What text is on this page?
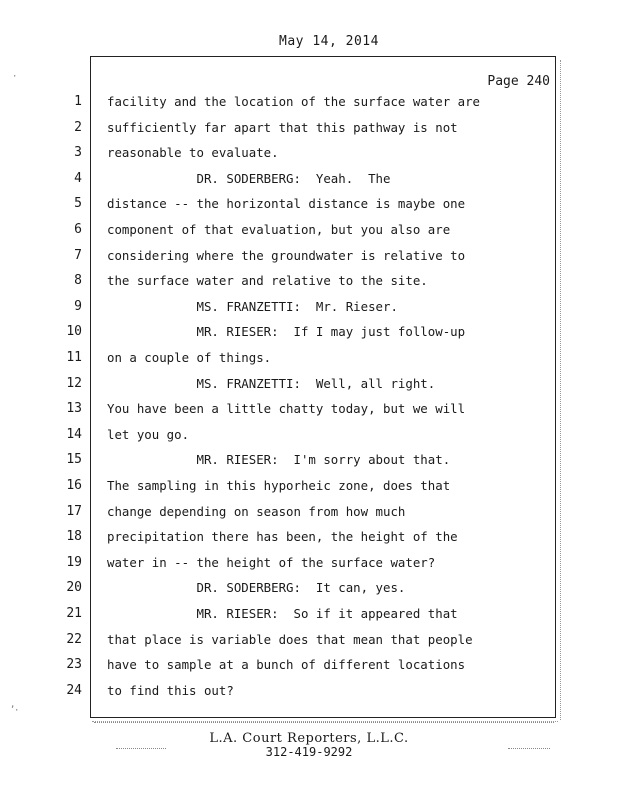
May 14, 2014
Page 240
1 facility and the location of the surface water are
2 sufficiently far apart that this pathway is not
3 reasonable to evaluate.
4 DR. SODERBERG:  Yeah.  The
5 distance -- the horizontal distance is maybe one
6 component of that evaluation, but you also are
7 considering where the groundwater is relative to
8 the surface water and relative to the site.
9 MS. FRANZETTI:  Mr. Rieser.
10 MR. RIESER:  If I may just follow-up
11 on a couple of things.
12 MS. FRANZETTI:  Well, all right.
13 You have been a little chatty today, but we will
14 let you go.
15 MR. RIESER:  I'm sorry about that.
16 The sampling in this hyporheic zone, does that
17 change depending on season from how much
18 precipitation there has been, the height of the
19 water in -- the height of the surface water?
20 DR. SODERBERG:  It can, yes.
21 MR. RIESER:  So if it appeared that
22 that place is variable does that mean that people
23 have to sample at a bunch of different locations
24 to find this out?
L.A. Court Reporters, L.L.C.
312-419-9292
·
,
·
